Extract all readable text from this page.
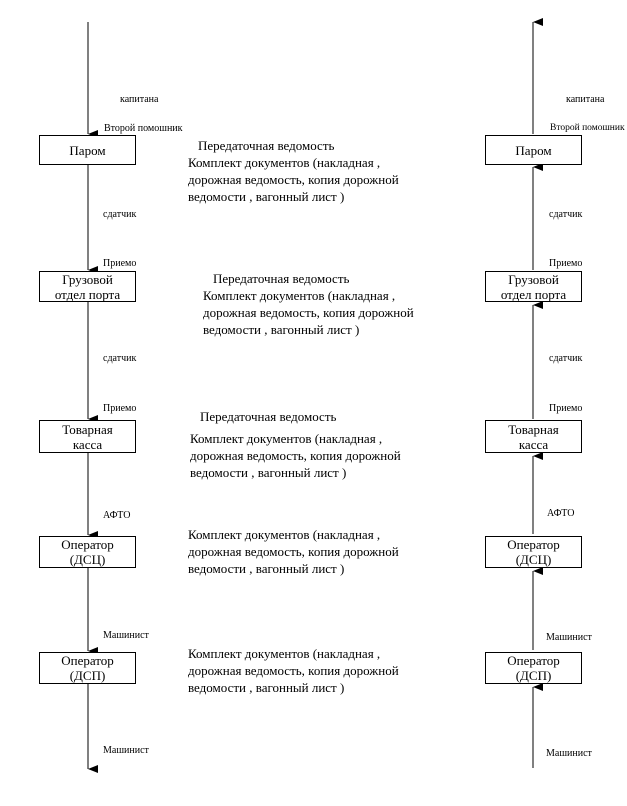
Паром
Грузовой
отдел порта
Товарная
касса
Оператор
(ДСЦ)
Оператор
(ДСП)
капитана
Второй помошник
сдатчик
Приемо
сдатчик
Приемо
АФТО
Машинист
Машинист
Передаточная ведомость
Комплект документов (накладная ,
дорожная ведомость, копия дорожной
ведомости , вагонный лист )
Передаточная ведомость
Комплект документов (накладная ,
дорожная ведомость, копия дорожной
ведомости , вагонный лист )
Передаточная ведомость
Комплект документов (накладная ,
дорожная ведомость, копия дорожной
ведомости , вагонный лист )
Комплект документов (накладная ,
дорожная ведомость, копия дорожной
ведомости , вагонный лист )
Комплект документов (накладная ,
дорожная ведомость, копия дорожной
ведомости , вагонный лист )
Паром
Грузовой
отдел порта
Товарная
касса
Оператор
(ДСЦ)
Оператор
(ДСП)
капитана
Второй помошник
сдатчик
Приемо
сдатчик
Приемо
АФТО
Машинист
Машинист
